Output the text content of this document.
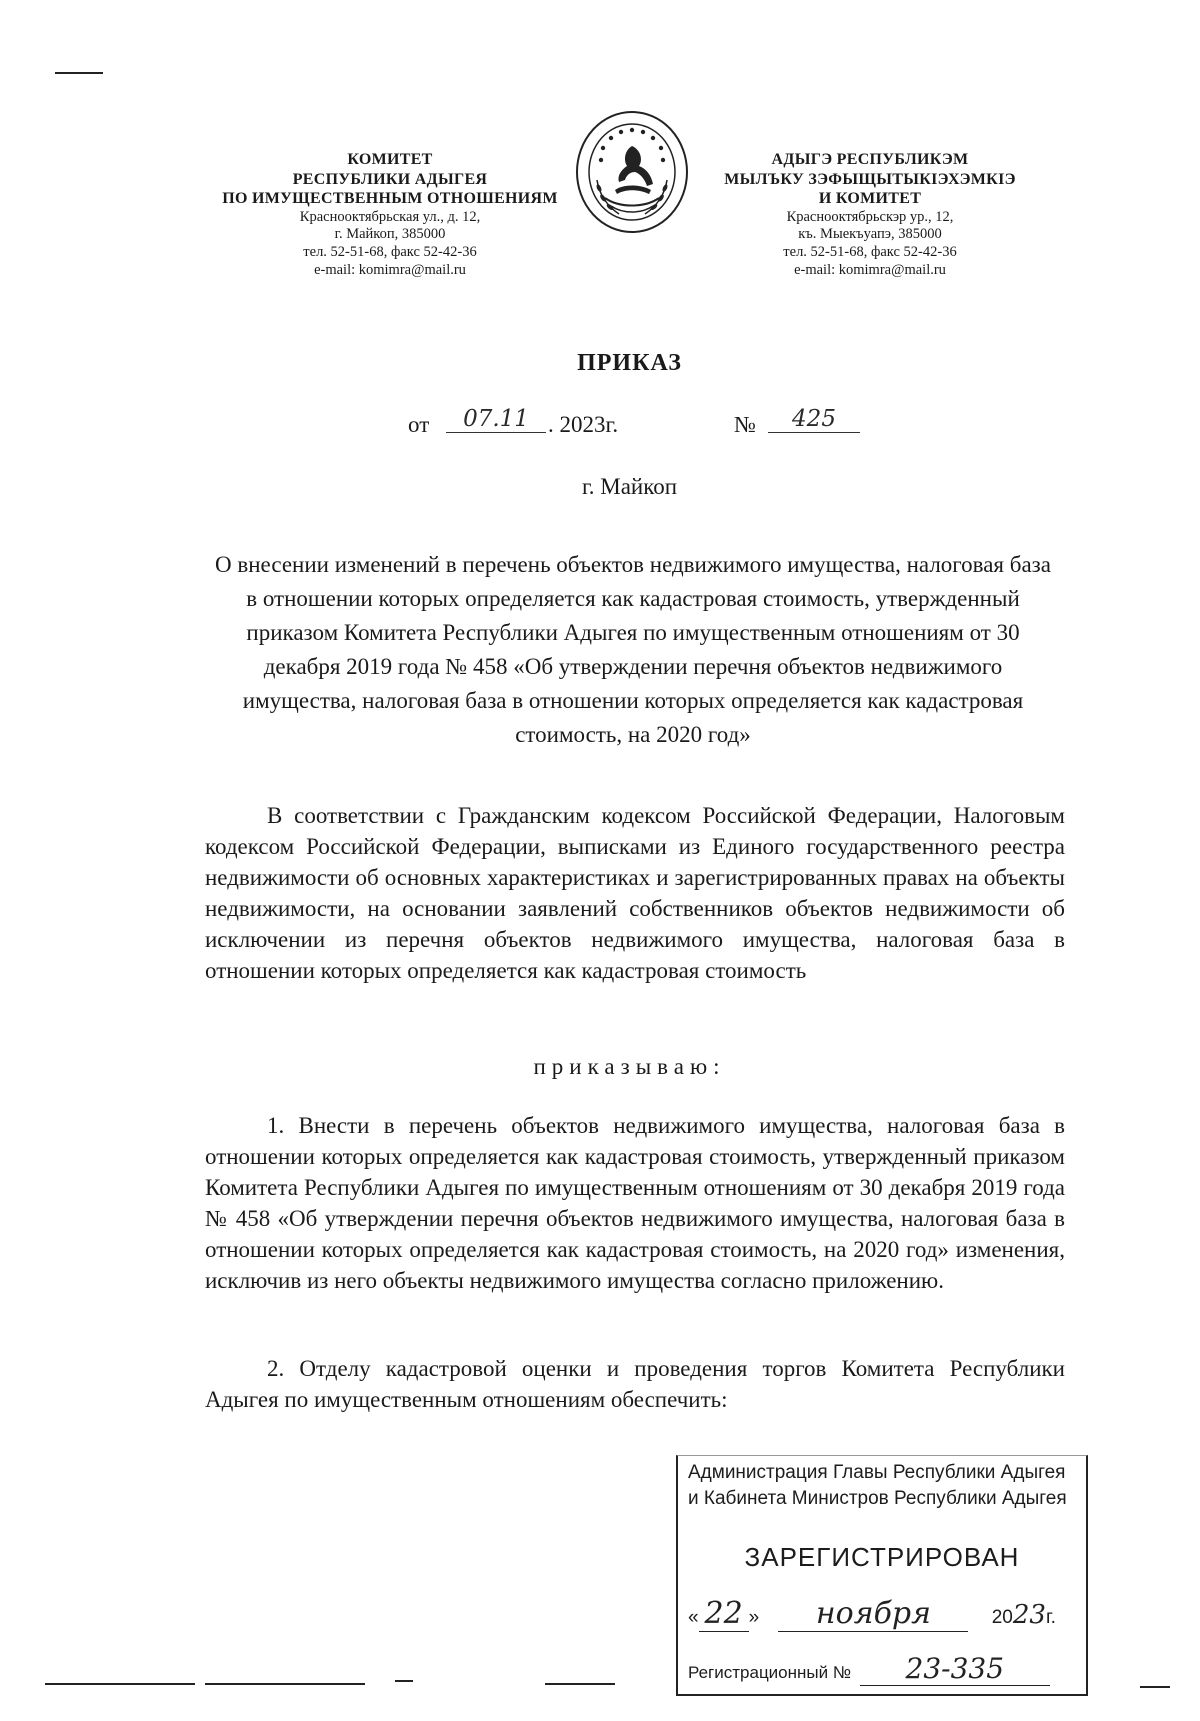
КОМИТЕТ
РЕСПУБЛИКИ АДЫГЕЯ
ПО ИМУЩЕСТВЕННЫМ ОТНОШЕНИЯМ
Краснооктябрьская ул., д. 12,
г. Майкоп, 385000
тел. 52-51-68, факс 52-42-36
e-mail: komimra@mail.ru
АДЫГЭ РЕСПУБЛИКЭМ
МЫЛЪКУ ЗЭФЫЩЫТЫКIЭХЭМКIЭ
И КОМИТЕТ
Краснооктябрьскэр ур., 12,
къ. Мыекъуапэ, 385000
тел. 52-51-68, факс 52-42-36
e-mail: komimra@mail.ru
ПРИКАЗ
от	07.11 . 2023г.	№	425
г. Майкоп
О внесении изменений в перечень объектов недвижимого имущества, налоговая база в отношении которых определяется как кадастровая стоимость, утвержденный приказом Комитета Республики Адыгея по имущественным отношениям от 30 декабря 2019 года № 458 «Об утверждении перечня объектов недвижимого имущества, налоговая база в отношении которых определяется как кадастровая стоимость, на 2020 год»
В соответствии с Гражданским кодексом Российской Федерации, Налоговым кодексом Российской Федерации, выписками из Единого государственного реестра недвижимости об основных характеристиках и зарегистрированных правах на объекты недвижимости, на основании заявлений собственников объектов недвижимости об исключении из перечня объектов недвижимого имущества, налоговая база в отношении которых определяется как кадастровая стоимость
приказываю:
1. Внести в перечень объектов недвижимого имущества, налоговая база в отношении которых определяется как кадастровая стоимость, утвержденный приказом Комитета Республики Адыгея по имущественным отношениям от 30 декабря 2019 года № 458 «Об утверждении перечня объектов недвижимого имущества, налоговая база в отношении которых определяется как кадастровая стоимость, на 2020 год» изменения, исключив из него объекты недвижимого имущества согласно приложению.
2. Отделу кадастровой оценки и проведения торгов Комитета Республики Адыгея по имущественным отношениям обеспечить:
Администрация Главы Республики Адыгея
и Кабинета Министров Республики Адыгея
ЗАРЕГИСТРИРОВАН
« 22 » ноября	2023г.
Регистрационный № 23-335
